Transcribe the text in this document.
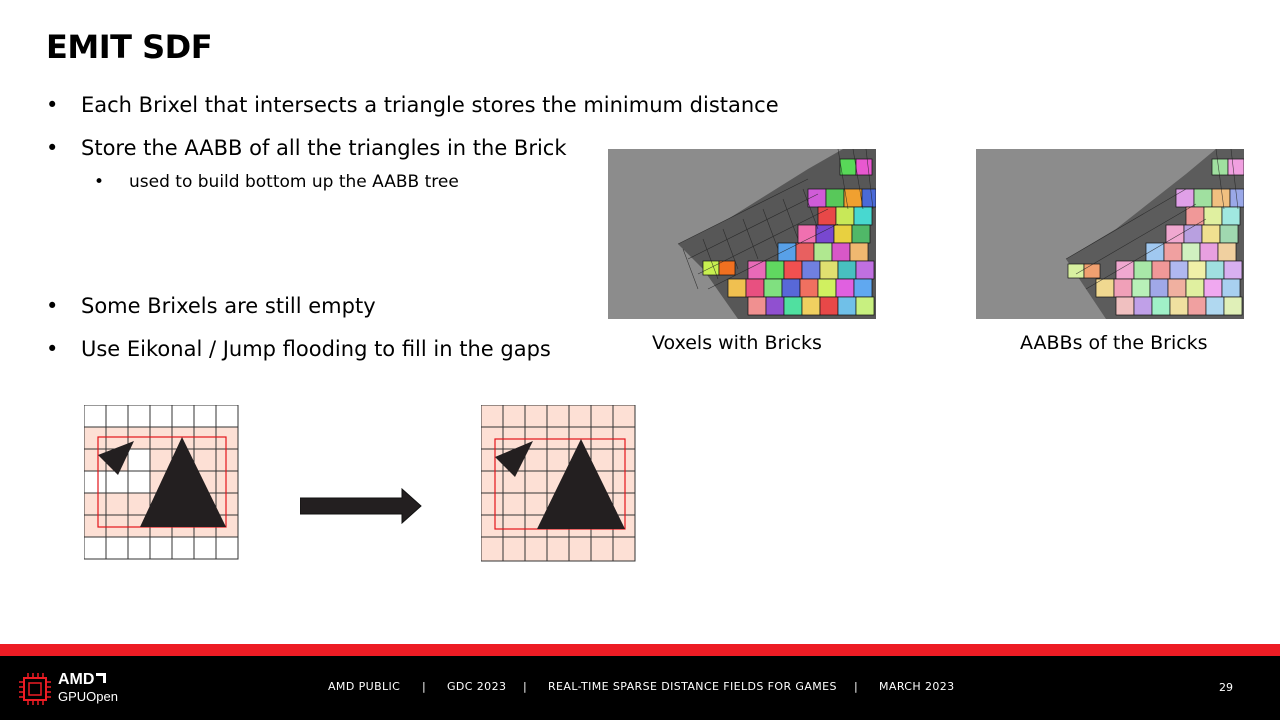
EMIT SDF
• Each Brixel that intersects a triangle stores the minimum distance
• Store the AABB of all the triangles in the Brick
• used to build bottom up the AABB tree
• Some Brixels are still empty
• Use Eikonal / Jump flooding to fill in the gaps	Voxels with Bricks	AABBs of the Bricks
AMD
GPUOpen
AMD PUBLIC | GDC 2023 | REAL-TIME SPARSE DISTANCE FIELDS FOR GAMES | MARCH 2023	29
